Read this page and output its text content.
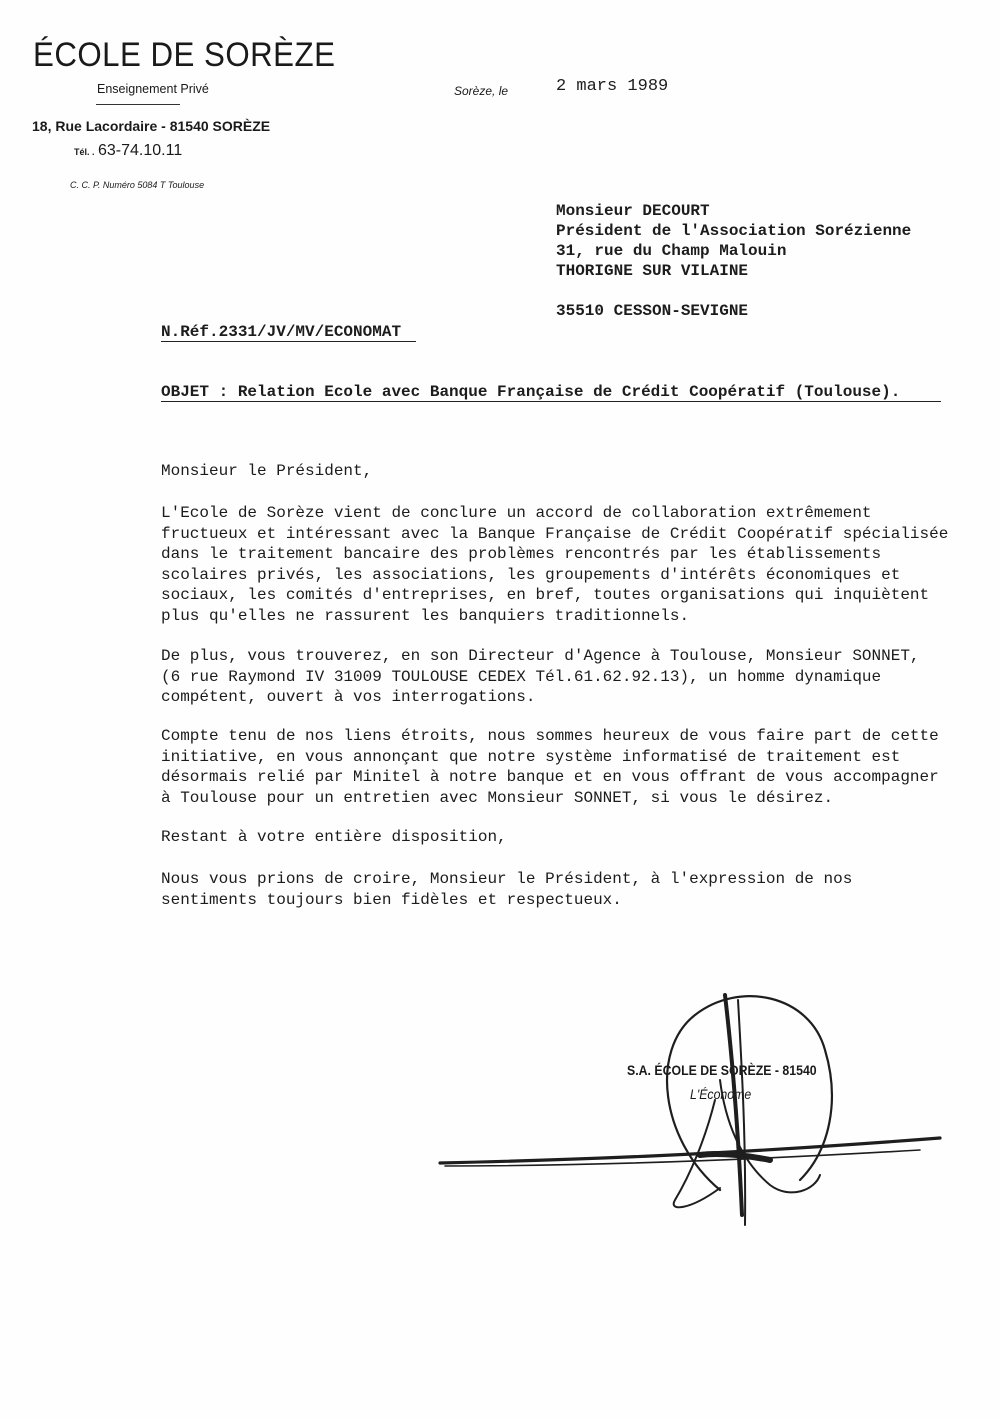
ÉCOLE DE SORÈZE
Enseignement Privé
18, Rue Lacordaire - 81540 SORÈZE
Tél. . 63-74.10.11
C. C. P. Numéro 5084 T Toulouse
Sorèze, le	2 mars 1989
Monsieur DECOURT
Président de l'Association Sorézienne
31, rue du Champ Malouin
THORIGNE SUR VILAINE
35510 CESSON-SEVIGNE
N.Réf.2331/JV/MV/ECONOMAT
OBJET : Relation Ecole avec Banque Française de Crédit Coopératif (Toulouse).
Monsieur le Président,
L'Ecole de Sorèze vient de conclure un accord de collaboration extrêmement
fructueux et intéressant avec la Banque Française de Crédit Coopératif spécialisée
dans le traitement bancaire des problèmes rencontrés par les établissements
scolaires privés, les associations, les groupements d'intérêts économiques et
sociaux, les comités d'entreprises, en bref, toutes organisations qui inquiètent
plus qu'elles ne rassurent les banquiers traditionnels.
De plus, vous trouverez, en son Directeur d'Agence à Toulouse, Monsieur SONNET,
(6 rue Raymond IV 31009 TOULOUSE CEDEX Tél.61.62.92.13), un homme dynamique
compétent, ouvert à vos interrogations.
Compte tenu de nos liens étroits, nous sommes heureux de vous faire part de cette
initiative, en vous annonçant que notre système informatisé de traitement est
désormais relié par Minitel à notre banque et en vous offrant de vous accompagner
à Toulouse pour un entretien avec Monsieur SONNET, si vous le désirez.
Restant à votre entière disposition,
Nous vous prions de croire, Monsieur le Président, à l'expression de nos
sentiments toujours bien fidèles et respectueux.
S.A. ÉCOLE DE SORÈZE - 81540
L'Économe
